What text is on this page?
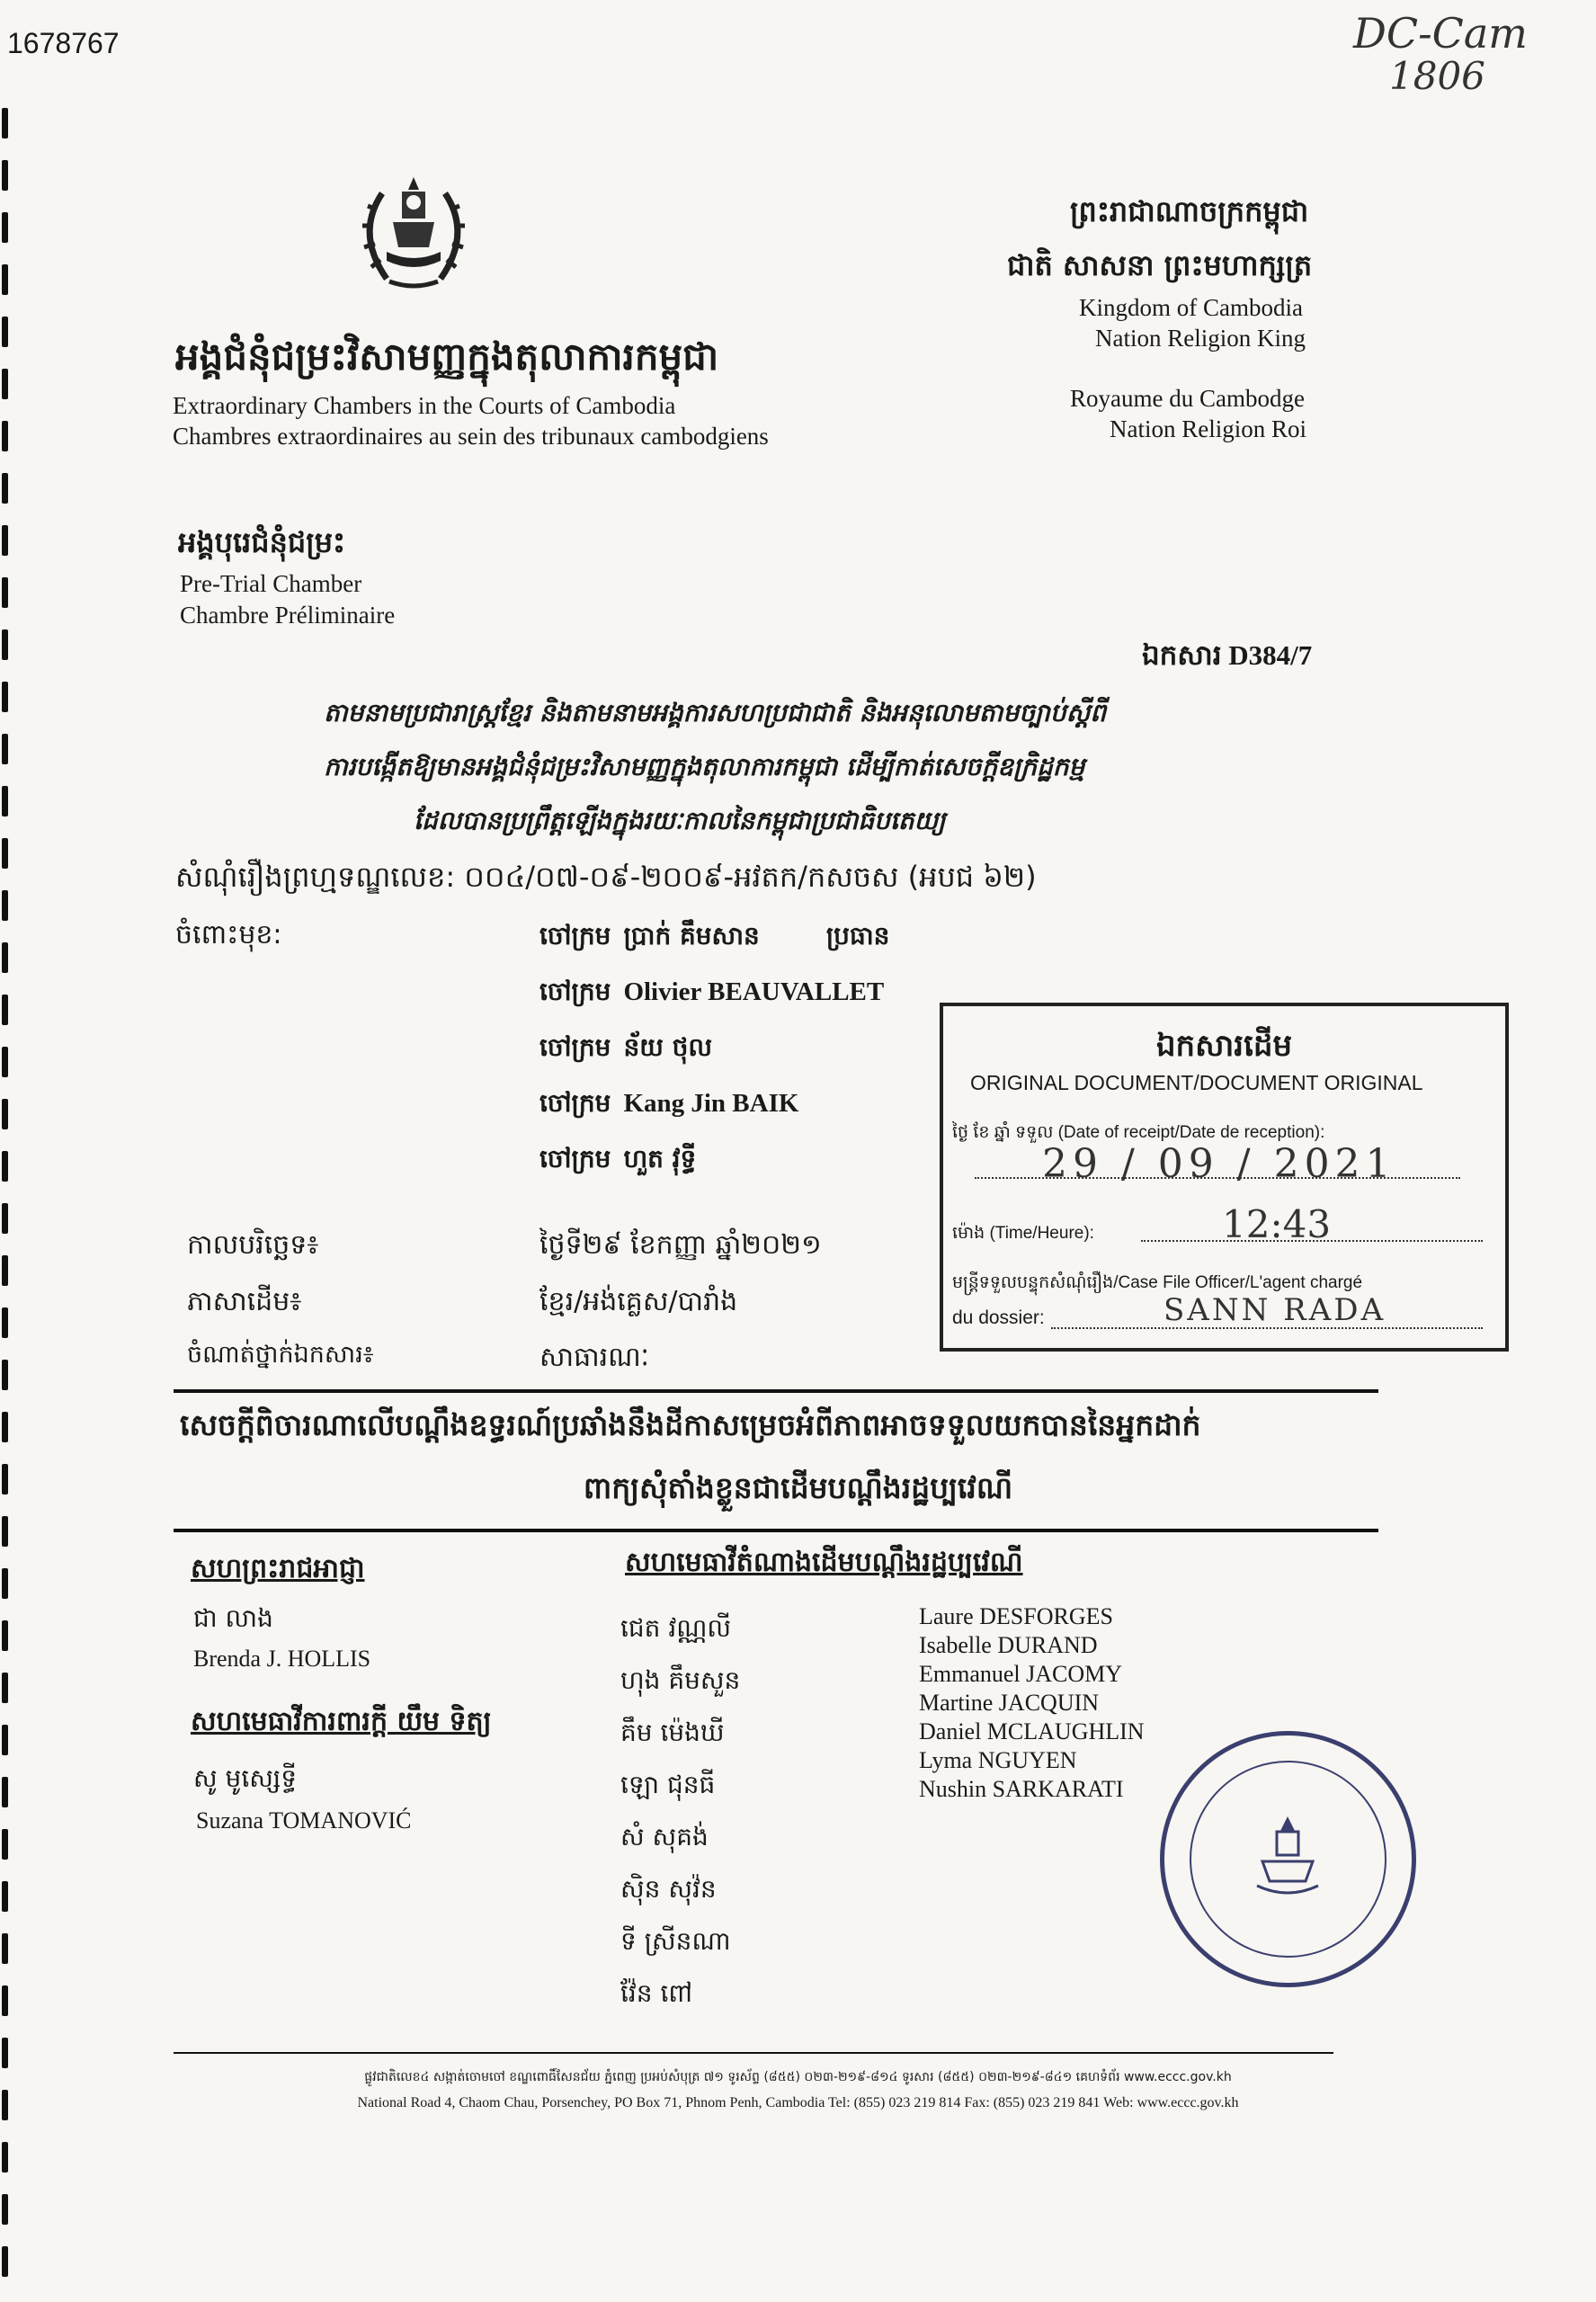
1678767	DC-Cam
1806
អង្គជំនុំជម្រះវិសាមញ្ញក្នុងតុលាការកម្ពុជា
Extraordinary Chambers in the Courts of Cambodia
Chambres extraordinaires au sein des tribunaux cambodgiens
ព្រះរាជាណាចក្រកម្ពុជា
ជាតិ សាសនា ព្រះមហាក្សត្រ
Kingdom of Cambodia
Nation Religion King
Royaume du Cambodge
Nation Religion Roi
អង្គបុរេជំនុំជម្រះ
Pre-Trial Chamber
Chambre Préliminaire
ឯកសារ D384/7
តាមនាមប្រជារាស្ត្រខ្មែរ និងតាមនាមអង្គការសហប្រជាជាតិ និងអនុលោមតាមច្បាប់ស្តីពី
ការបង្កើតឱ្យមានអង្គជំនុំជម្រះវិសាមញ្ញក្នុងតុលាការកម្ពុជា ដើម្បីកាត់សេចក្តីឧក្រិដ្ឋកម្ម
ដែលបានប្រព្រឹត្តឡើងក្នុងរយៈកាលនៃកម្ពុជាប្រជាធិបតេយ្យ
សំណុំរឿងព្រហ្មទណ្ឌលេខ: ០០៤/០៧-០៩-២០០៩-អវតក/កសចស (អបជ ៦២)
ចំពោះមុខ:	ចៅក្រម ប្រាក់ គឹមសាន	ប្រធាន
ចៅក្រម Olivier BEAUVALLET
ចៅក្រម ន័យ ថុល
ចៅក្រម Kang Jin BAIK
ចៅក្រម ហួត វុទ្ធី
ឯកសារដើម
ORIGINAL DOCUMENT/DOCUMENT ORIGINAL
ថ្ងៃ ខែ ឆ្នាំ ទទួល (Date of receipt/Date de reception):
29 / 09 / 2021
ម៉ោង (Time/Heure):	12:43
មន្ត្រីទទួលបន្ទុកសំណុំរឿង/Case File Officer/L'agent chargé
du dossier:	SANN RADA
កាលបរិច្ឆេទ៖	ថ្ងៃទី២៩ ខែកញ្ញា ឆ្នាំ២០២១
ភាសាដើម៖	ខ្មែរ/អង់គ្លេស/បារាំង
ចំណាត់ថ្នាក់ឯកសារ៖	សាធារណៈ
សេចក្តីពិចារណាលើបណ្តឹងឧទ្ធរណ៍ប្រឆាំងនឹងដីកាសម្រេចអំពីភាពអាចទទួលយកបាននៃអ្នកដាក់
ពាក្យសុំតាំងខ្លួនជាដើមបណ្តឹងរដ្ឋប្បវេណី
សហព្រះរាជអាជ្ញា
ជា លាង
Brenda J. HOLLIS
សហមេធាវីការពារក្តី យឹម ទិត្យ
សូ មូស្សេទ្ធី
Suzana TOMANOVIĆ
សហមេធាវីតំណាងដើមបណ្តឹងរដ្ឋប្បវេណី
ជេត វណ្ណលី
ហុង គឹមសួន
គឹម ម៉េងឃី
ឡោ ជុនធី
សំ សុគង់
ស៊ិន សុវ៉ន
ទី ស្រីនណា
វ៉ែន ពៅ
Laure DESFORGES
Isabelle DURAND
Emmanuel JACOMY
Martine JACQUIN
Daniel MCLAUGHLIN
Lyma NGUYEN
Nushin SARKARATI
ផ្លូវជាតិលេខ៤ សង្កាត់ចោមចៅ ខណ្ឌពោធិ៍សែនជ័យ ភ្នំពេញ ប្រអប់សំបុត្រ ៧១ ទូរស័ព្ទ (៨៥៥) ០២៣-២១៩-៨១៤ ទូរសារ (៨៥៥) ០២៣-២១៩-៨៤១ គេហទំព័រ www.eccc.gov.kh
National Road 4, Chaom Chau, Porsenchey, PO Box 71, Phnom Penh, Cambodia Tel: (855) 023 219 814 Fax: (855) 023 219 841 Web: www.eccc.gov.kh
